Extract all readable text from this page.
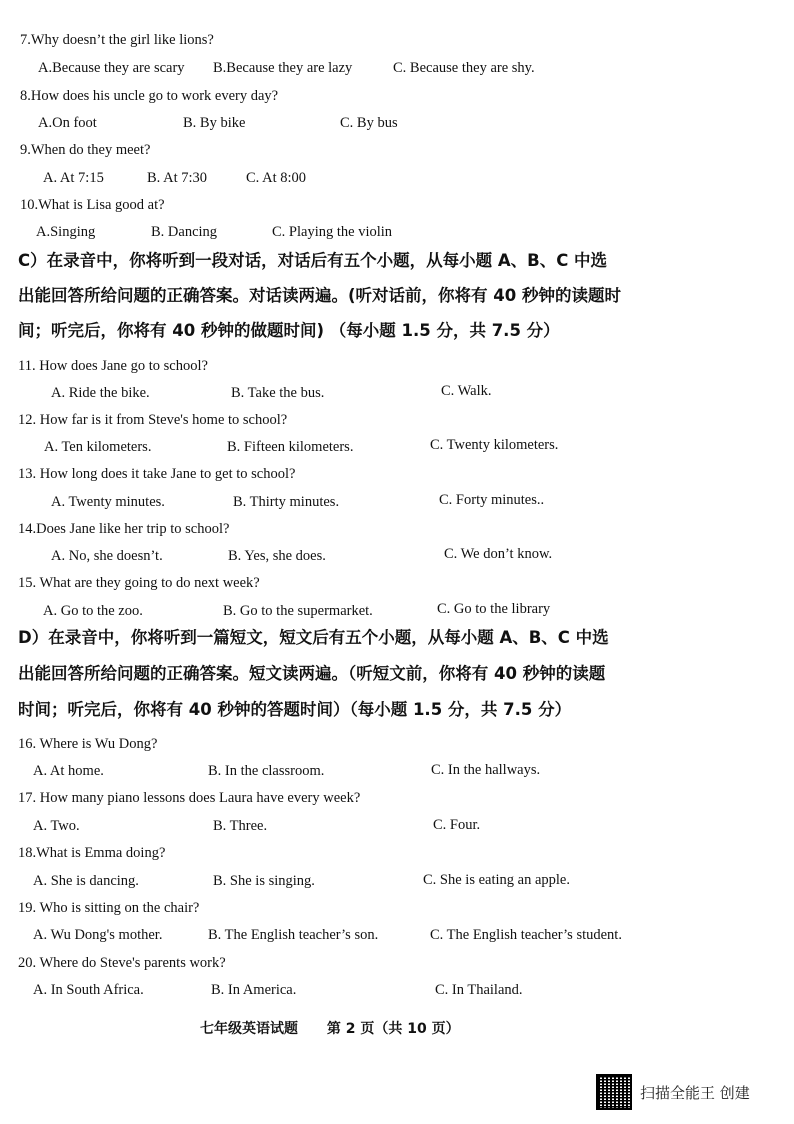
7.Why doesn’t the girl like lions?
A.Because they are scary B.Because they are lazy	C. Because they are shy.
8.How does his uncle go to work every day?
A.On foot	B. By bike	C. By bus
9.When do they meet?
A. At 7:15	B. At 7:30	C. At 8:00
10.What is Lisa good at?
A.Singing	B. Dancing	C. Playing the violin
C）在录音中，你将听到一段对话，对话后有五个小题，从每小题 A、B、C 中选
出能回答所给问题的正确答案。对话读两遍。(听对话前，你将有 40 秒钟的读题时
间；听完后，你将有 40 秒钟的做题时间) （每小题 1.5 分，共 7.5 分）
11. How does Jane go to school?
A. Ride the bike.	B. Take the bus.	C. Walk.
12. How far is it from Steve's home to school?
A. Ten kilometers.	B. Fifteen kilometers.	C. Twenty kilometers.
13. How long does it take Jane to get to school?
A. Twenty minutes.	B. Thirty minutes.	C. Forty minutes..
14.Does Jane like her trip to school?
A. No, she doesn’t.	B. Yes, she does.	C. We don’t know.
15. What are they going to do next week?
A. Go to the zoo.	B. Go to the supermarket.	C. Go to the library
D）在录音中，你将听到一篇短文，短文后有五个小题，从每小题 A、B、C 中选
出能回答所给问题的正确答案。短文读两遍。（听短文前，你将有 40 秒钟的读题
时间；听完后，你将有 40 秒钟的答题时间）（每小题 1.5 分，共 7.5 分）
16. Where is Wu Dong?
A. At home.	B. In the classroom.	C. In the hallways.
17. How many piano lessons does Laura have every week?
A. Two.	B. Three.	C. Four.
18.What is Emma doing?
A. She is dancing.	B. She is singing.	C. She is eating an apple.
19. Who is sitting on the chair?
A. Wu Dong's mother.	B. The English teacher’s son.	C. The English teacher’s student.
20. Where do Steve's parents work?
A. In South Africa.	B. In America.	C. In Thailand.
七年级英语试题 第 2 页（共 10 页）
扫描全能王 创建
